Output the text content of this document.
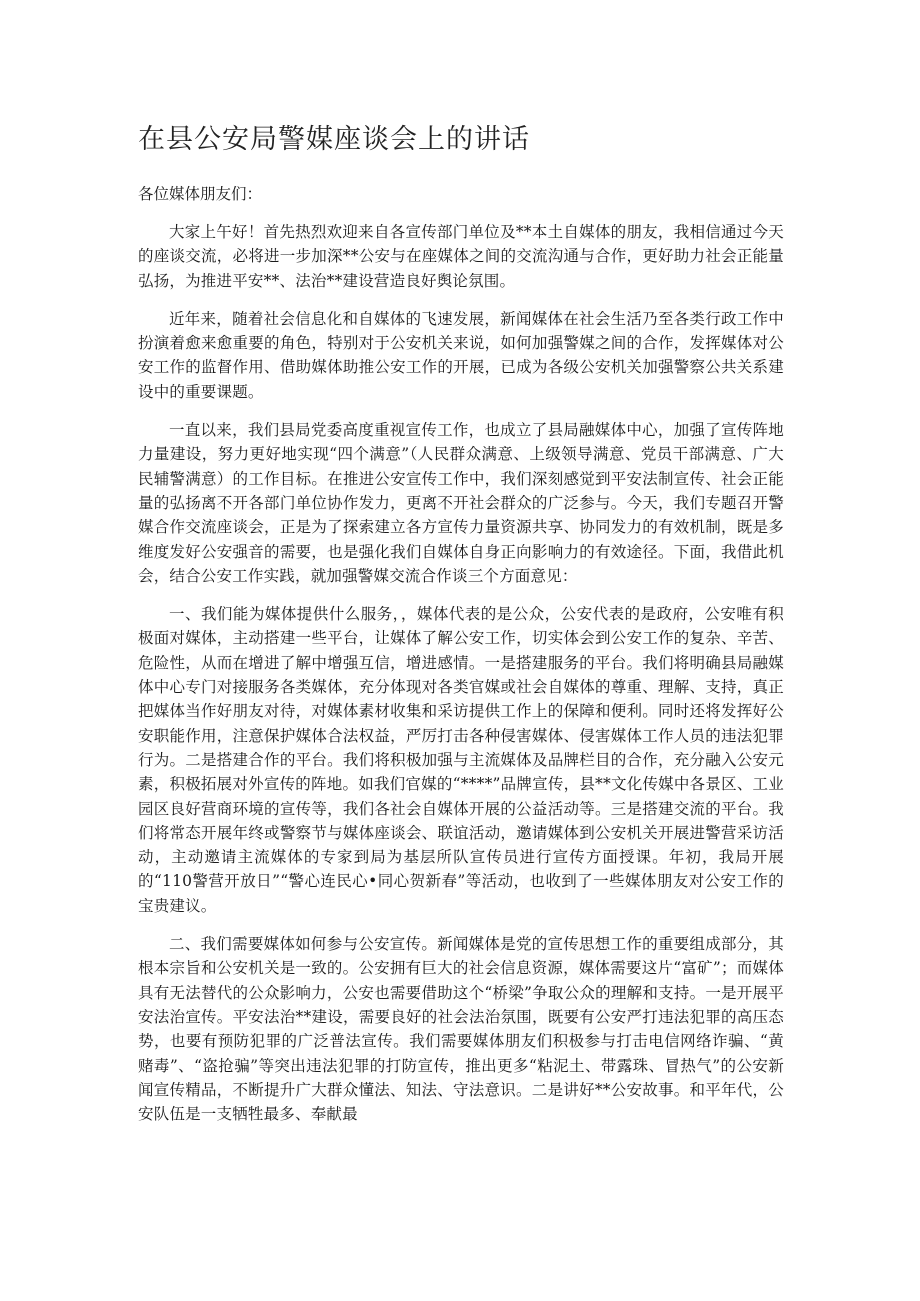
在县公安局警媒座谈会上的讲话

各位媒体朋友们：

大家上午好！首先热烈欢迎来自各宣传部门单位及**本土自媒体的朋友，我相信通过今天的座谈交流，必将进一步加深**公安与在座媒体之间的交流沟通与合作，更好助力社会正能量弘扬，为推进平安**、法治**建设营造良好舆论氛围。

近年来，随着社会信息化和自媒体的飞速发展，新闻媒体在社会生活乃至各类行政工作中扮演着愈来愈重要的角色，特别对于公安机关来说，如何加强警媒之间的合作，发挥媒体对公安工作的监督作用、借助媒体助推公安工作的开展，已成为各级公安机关加强警察公共关系建设中的重要课题。

一直以来，我们县局党委高度重视宣传工作，也成立了县局融媒体中心，加强了宣传阵地力量建设，努力更好地实现“四个满意”（人民群众满意、上级领导满意、党员干部满意、广大民辅警满意）的工作目标。在推进公安宣传工作中，我们深刻感觉到平安法制宣传、社会正能量的弘扬离不开各部门单位协作发力，更离不开社会群众的广泛参与。今天，我们专题召开警媒合作交流座谈会，正是为了探索建立各方宣传力量资源共享、协同发力的有效机制，既是多维度发好公安强音的需要，也是强化我们自媒体自身正向影响力的有效途径。下面，我借此机会，结合公安工作实践，就加强警媒交流合作谈三个方面意见：

一、我们能为媒体提供什么服务，，媒体代表的是公众，公安代表的是政府，公安唯有积极面对媒体，主动搭建一些平台，让媒体了解公安工作，切实体会到公安工作的复杂、辛苦、危险性，从而在增进了解中增强互信，增进感情。一是搭建服务的平台。我们将明确县局融媒体中心专门对接服务各类媒体，充分体现对各类官媒或社会自媒体的尊重、理解、支持，真正把媒体当作好朋友对待，对媒体素材收集和采访提供工作上的保障和便利。同时还将发挥好公安职能作用，注意保护媒体合法权益，严厉打击各种侵害媒体、侵害媒体工作人员的违法犯罪行为。二是搭建合作的平台。我们将积极加强与主流媒体及品牌栏目的合作，充分融入公安元素，积极拓展对外宣传的阵地。如我们官媒的“****”品牌宣传，县**文化传媒中各景区、工业园区良好营商环境的宣传等，我们各社会自媒体开展的公益活动等。三是搭建交流的平台。我们将常态开展年终或警察节与媒体座谈会、联谊活动，邀请媒体到公安机关开展进警营采访活动，主动邀请主流媒体的专家到局为基层所队宣传员进行宣传方面授课。年初，我局开展的“110警营开放日”“警心连民心•同心贺新春”等活动，也收到了一些媒体朋友对公安工作的宝贵建议。

二、我们需要媒体如何参与公安宣传。新闻媒体是党的宣传思想工作的重要组成部分，其根本宗旨和公安机关是一致的。公安拥有巨大的社会信息资源，媒体需要这片“富矿”；而媒体具有无法替代的公众影响力，公安也需要借助这个“桥梁”争取公众的理解和支持。一是开展平安法治宣传。平安法治**建设，需要良好的社会法治氛围，既要有公安严打违法犯罪的高压态势，也要有预防犯罪的广泛普法宣传。我们需要媒体朋友们积极参与打击电信网络诈骗、“黄赌毒”、“盗抢骗”等突出违法犯罪的打防宣传，推出更多“粘泥土、带露珠、冒热气”的公安新闻宣传精品，不断提升广大群众懂法、知法、守法意识。二是讲好**公安故事。和平年代，公安队伍是一支牺牲最多、奉献最
